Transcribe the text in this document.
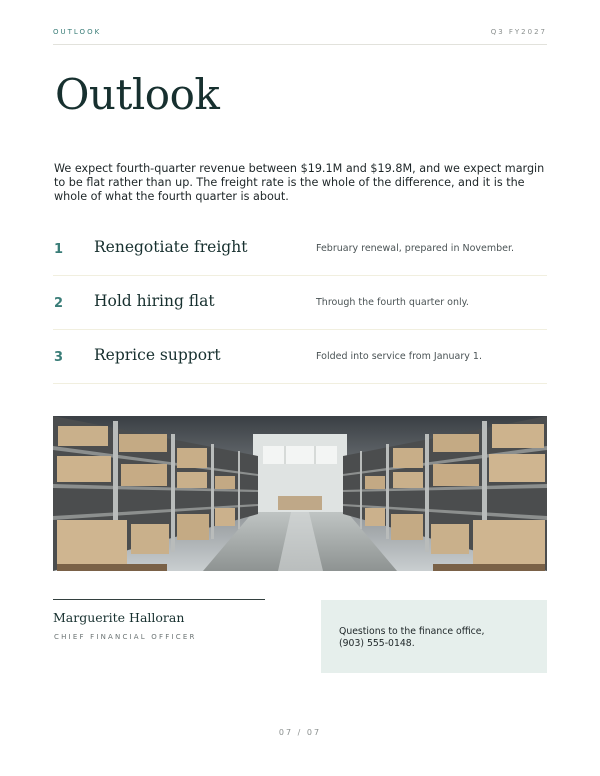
OUTLOOK	Q3 FY2027
Outlook

We expect fourth-quarter revenue between $19.1M and $19.8M, and we expect margin to be flat rather than up. The freight rate is the whole of the difference, and it is the whole of what the fourth quarter is about.

1	Renegotiate freight	February renewal, prepared in November.
2	Hold hiring flat	Through the fourth quarter only.
3	Reprice support	Folded into service from January 1.
Marguerite Halloran
CHIEF FINANCIAL OFFICER	Questions to the finance office,
(903) 555-0148.
07 / 07
